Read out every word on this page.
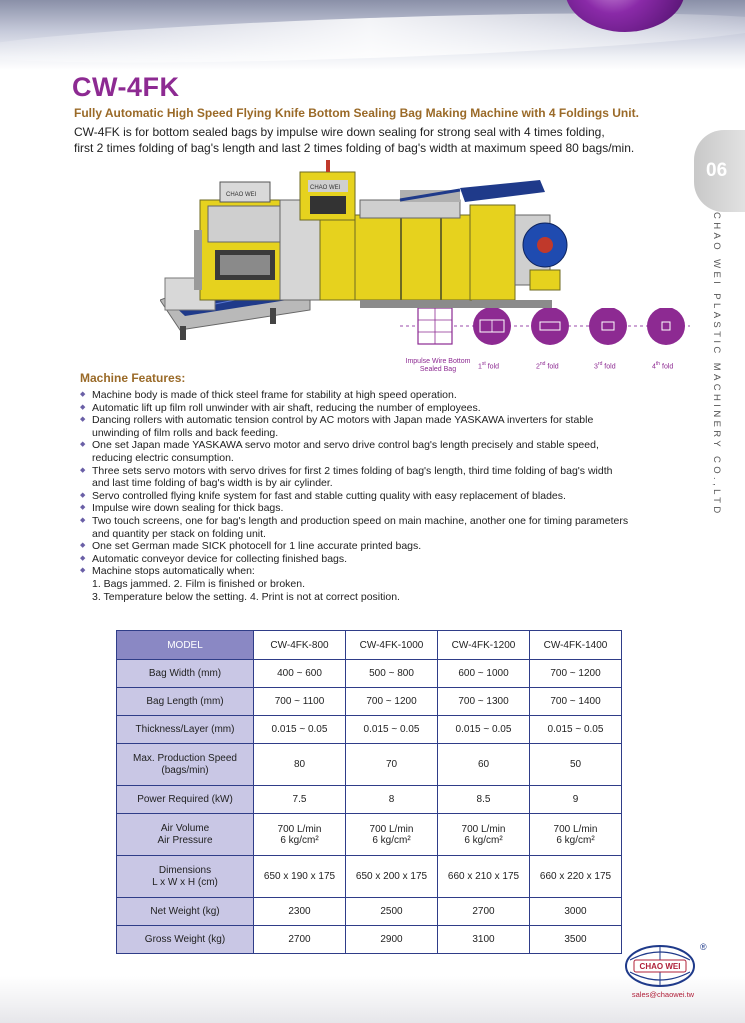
CW-4FK
Fully Automatic High Speed Flying Knife Bottom Sealing Bag Making Machine with 4 Foldings Unit.
CW-4FK is for bottom sealed bags by impulse wire down sealing for strong seal with 4 times folding,
first 2 times folding of bag's length and last 2 times folding of bag's width at maximum speed 80 bags/min.
06
CHAO WEI PLASTIC MACHINERY CO.,LTD
CHAO WEI
CHAO WEI
Impulse Wire Bottom Sealed Bag	1st fold	2nd fold	3rd fold	4th fold
Machine Features:
◆ Machine body is made of thick steel frame for stability at high speed operation.
◆ Automatic lift up film roll unwinder with air shaft, reducing the number of employees.
◆ Dancing rollers with automatic tension control by AC motors with Japan made YASKAWA inverters for stable
unwinding of film rolls and back feeding.
◆ One set Japan made YASKAWA servo motor and servo drive control bag's length precisely and stable speed,
reducing electric consumption.
◆ Three sets servo motors with servo drives for first 2 times folding of bag's length, third time folding of bag's width
and last time folding of bag's width is by air cylinder.
◆ Servo controlled flying knife system for fast and stable cutting quality with easy replacement of blades.
◆ Impulse wire down sealing for thick bags.
◆ Two touch screens, one for bag's length and production speed on main machine, another one for timing parameters
and quantity per stack on folding unit.
◆ One set German made SICK photocell for 1 line accurate printed bags.
◆ Automatic conveyor device for collecting finished bags.
◆ Machine stops automatically when:
1. Bags jammed. 2. Film is finished or broken.
3. Temperature below the setting. 4. Print is not at correct position.
MODEL	CW-4FK-800	CW-4FK-1000	CW-4FK-1200	CW-4FK-1400

Bag Width (mm)	400 ~ 600	500 ~ 800	600 ~ 1000	700 ~ 1200

Bag Length (mm)	700 ~ 1100	700 ~ 1200	700 ~ 1300	700 ~ 1400

Thickness/Layer (mm)	0.015 ~ 0.05	0.015 ~ 0.05	0.015 ~ 0.05	0.015 ~ 0.05

Max. Production Speed
(bags/min)	80	70	60	50

Power Required (kW)	7.5	8	8.5	9

Air Volume
Air Pressure	700 L/min
6 kg/cm²	700 L/min
6 kg/cm²	700 L/min
6 kg/cm²	700 L/min
6 kg/cm²

Dimensions
L x W x H (cm)	650 x 190 x 175	650 x 200 x 175	660 x 210 x 175	660 x 220 x 175

Net Weight (kg)	2300	2500	2700	3000

Gross Weight (kg)	2700	2900	3100	3500
CHAO WEI
®
sales@chaowei.tw
